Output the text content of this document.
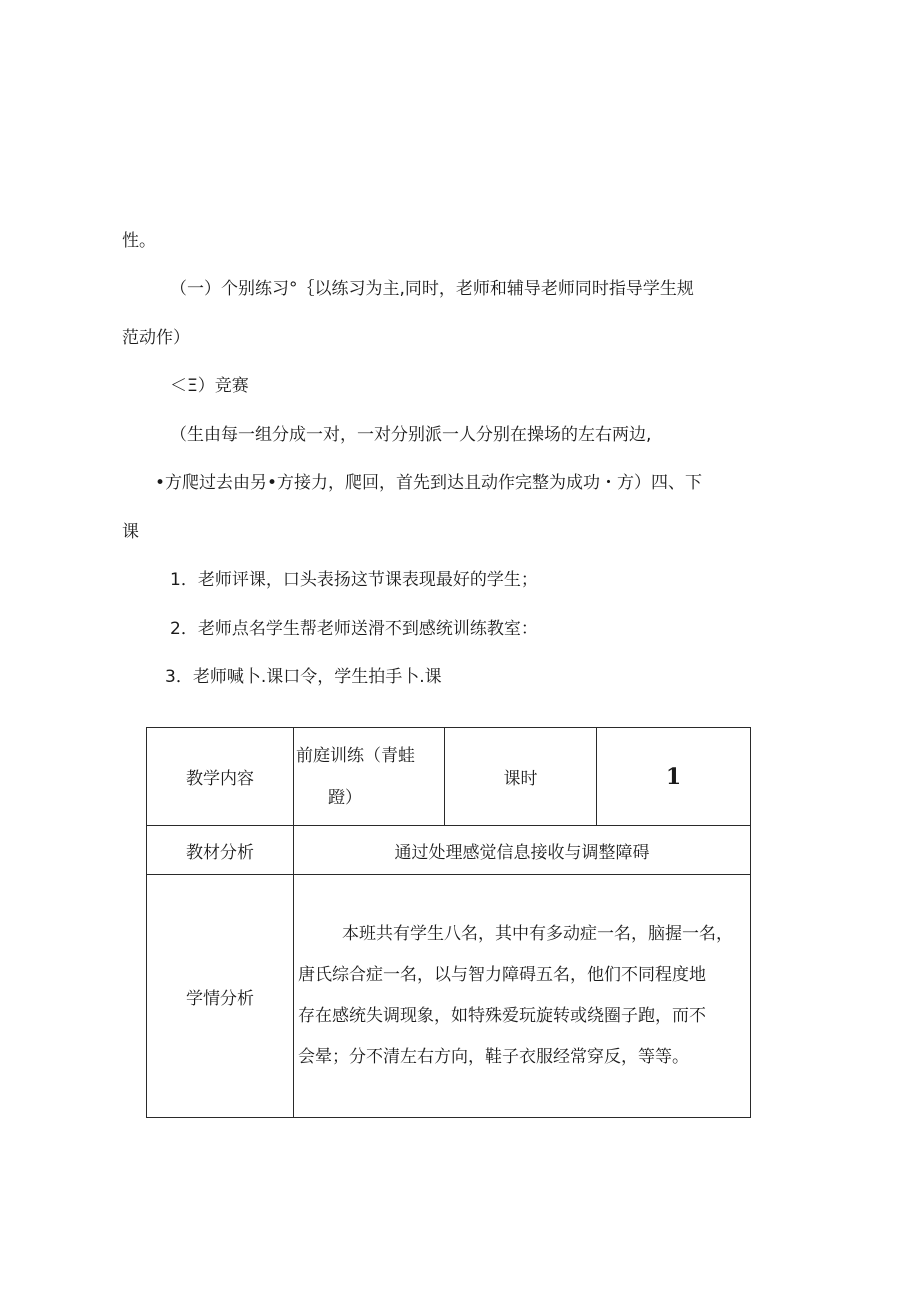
性。
（一）个别练习°｛以练习为主,同时，老师和辅导老师同时指导学生规
范动作）
＜Ξ）竞赛
（生由每一组分成一对，一对分别派一人分别在操场的左右两边,
•方爬过去由另•方接力，爬回，首先到达且动作完整为成功・方）四、下
课
1．老师评课，口头表扬这节课表现最好的学生；
2．老师点名学生帮老师送滑不到感统训练教室：
3．老师喊卜.课口令，学生拍手卜.课
教学内容	前庭训练（青蛙
蹬）	课时	1
教材分析	通过处理感觉信息接收与调整障碍		
学情分析	本班共有学生八名，其中有多动症一名，脑握一名，
唐氏综合症一名，以与智力障碍五名，他们不同程度地
存在感统失调现象，如特殊爱玩旋转或绕圈子跑，而不
会晕；分不清左右方向，鞋子衣服经常穿反，等等。		
